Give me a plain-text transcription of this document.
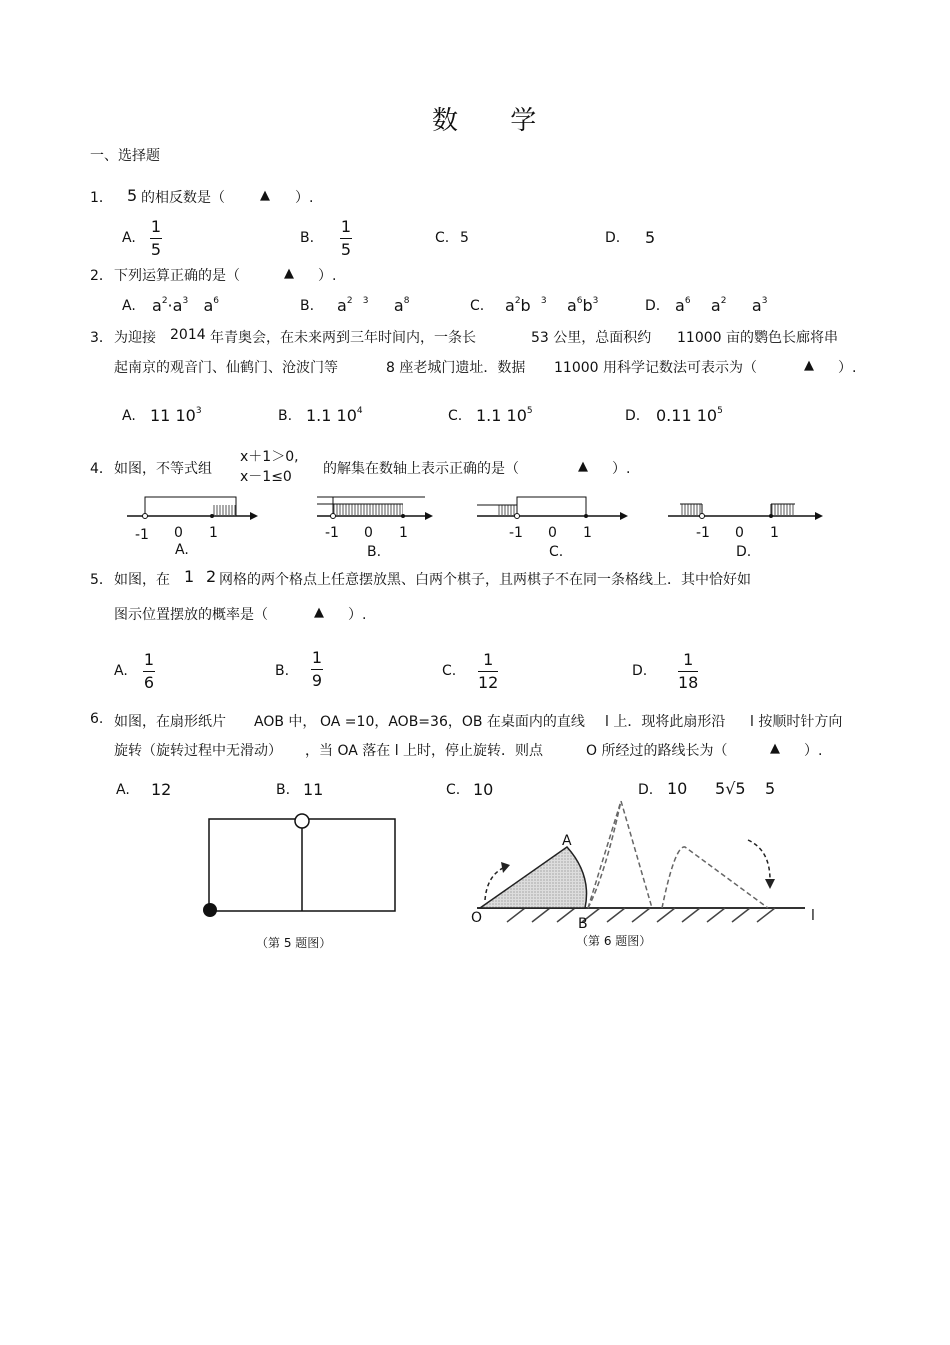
数 学
一、选择题
1． 5 的相反数是（	▲ ）.
A.
1
5
B.
1
5
C. 5	D. 5
2． 下列运算正确的是（	▲ ）.
A. $a^2\cdot a^3$ $a^6$	B. $a^2$ $^3$ $a^8$	C. $a^2b$ $^3$ $a^6b^3$	D. $a^6$ $a^2$ $a^3$
3． 为迎接 2014 年青奥会，在未来两到三年时间内，一条长	53 公里，总面积约 11000 亩的鹦色长廊将串
起南京的观音门、仙鹤门、沧波门等	8 座老城门遗址．数据 11000 用科学记数法可表示为（	▲ ）.
A. 11 $10^3$	B. 1.1 $10^4$	C. 1.1 $10^5$	D. 0.11 $10^5$
4． 如图，不等式组
x＋1＞0,
x－1≤0 的解集在数轴上表示正确的是（	▲ ）.
-1 0 1
A.
-1 0 1
B.
-1 0 1
C.
-1 0 1
D.
5． 如图，在 1 2 网格的两个格点上任意摆放黑、白两个棋子，且两棋子不在同一条格线上．其中恰好如
图示位置摆放的概率是（	▲ ）.
A.
1
6
B.
1
9	C.
1
12
D.
1
18
6. 如图，在扇形纸片 AOB 中， OA =10，AOB=36，OB 在桌面内的直线 l 上．现将此扇形沿 l 按顺时针方向
旋转（旋转过程中无滑动） ，当 OA 落在 l 上时，停止旋转．则点	O 所经过的路线长为（	▲ ）.
A. 12	B. 11	C. 10	D. 10 5√5 5
（第 5 题图）
A
O	B	l
（第 6 题图）
